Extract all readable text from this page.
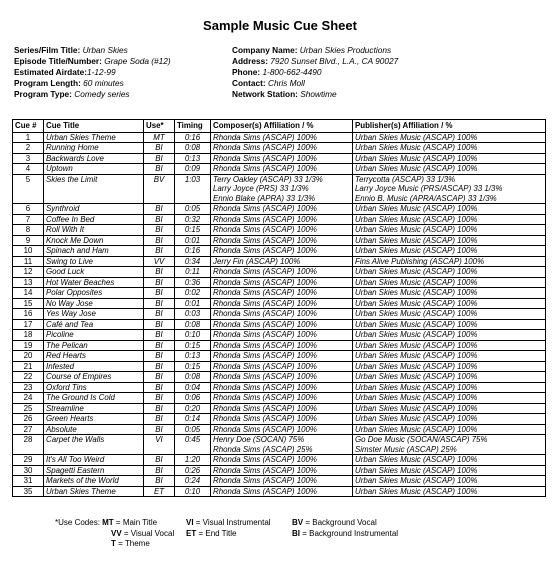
Sample Music Cue Sheet
Series/Film Title: Urban Skies
Episode Title/Number: Grape Soda (#12)
Estimated Airdate:1-12-99
Program Length: 60 minutes
Program Type: Comedy series
Company Name: Urban Skies Productions
Address: 7920 Sunset Blvd., L.A., CA 90027
Phone: 1-800-662-4490
Contact: Chris Moll
Network Station: Showtime
Cue #	Cue Title	Use*	Timing	Composer(s) Affiliation / %	Publisher(s) Affiliation / %
1	Urban Skies Theme	MT	0:16	Rhonda Sims (ASCAP) 100%	Urban Skies Music (ASCAP) 100%

2	Running Home	BI	0:08	Rhonda Sims (ASCAP) 100%	Urban Skies Music (ASCAP) 100%

3	Backwards Love	BI	0:13	Rhonda Sims (ASCAP) 100%	Urban Skies Music (ASCAP) 100%

4	Uptown	BI	0:09	Rhonda Sims (ASCAP) 100%	Urban Skies Music (ASCAP) 100%

5	Skies the Limit	BV	1:03	Terry Oakley (ASCAP) 33 1/3%
Larry Joyce (PRS) 33 1/3%
Ennio Blake (APRA) 33 1/3%	Terrycotta (ASCAP) 33 1/3%
Larry Joyce Music (PRS/ASCAP) 33 1/3%
Ennio B. Music (APRA/ASCAP) 33 1/3%

6	Synthroid	BI	0:05	Rhonda Sims (ASCAP) 100%	Urban Skies Music (ASCAP) 100%

7	Coffee In Bed	BI	0:32	Rhonda Sims (ASCAP) 100%	Urban Skies Music (ASCAP) 100%

8	Roll With It	BI	0:15	Rhonda Sims (ASCAP) 100%	Urban Skies Music (ASCAP) 100%

9	Knock Me Down	BI	0:01	Rhonda Sims (ASCAP) 100%	Urban Skies Music (ASCAP) 100%

10	Spinach and Ham	BI	0:16	Rhonda Sims (ASCAP) 100%	Urban Skies Music (ASCAP) 100%

11	Swing to Live	VV	0:34	Jerry Fin (ASCAP) 100%	Fins Alive Publishing (ASCAP) 100%

12	Good Luck	BI	0:11	Rhonda Sims (ASCAP) 100%	Urban Skies Music (ASCAP) 100%

13	Hot Water Beaches	BI	0:36	Rhonda Sims (ASCAP) 100%	Urban Skies Music (ASCAP) 100%

14	Polar Opposites	BI	0:02	Rhonda Sims (ASCAP) 100%	Urban Skies Music (ASCAP) 100%

15	No Way Jose	BI	0:01	Rhonda Sims (ASCAP) 100%	Urban Skies Music (ASCAP) 100%

16	Yes Way Jose	BI	0:03	Rhonda Sims (ASCAP) 100%	Urban Skies Music (ASCAP) 100%

17	Café and Tea	BI	0:08	Rhonda Sims (ASCAP) 100%	Urban Skies Music (ASCAP) 100%

18	Picoline	BI	0:10	Rhonda Sims (ASCAP) 100%	Urban Skies Music (ASCAP) 100%

19	The Pelican	BI	0:15	Rhonda Sims (ASCAP) 100%	Urban Skies Music (ASCAP) 100%

20	Red Hearts	BI	0:13	Rhonda Sims (ASCAP) 100%	Urban Skies Music (ASCAP) 100%

21	Infested	BI	0:15	Rhonda Sims (ASCAP) 100%	Urban Skies Music (ASCAP) 100%

22	Course of Empires	BI	0:08	Rhonda Sims (ASCAP) 100%	Urban Skies Music (ASCAP) 100%

23	Oxford Tins	BI	0:04	Rhonda Sims (ASCAP) 100%	Urban Skies Music (ASCAP) 100%

24	The Ground Is Cold	BI	0:06	Rhonda Sims (ASCAP) 100%	Urban Skies Music (ASCAP) 100%

25	Streamline	BI	0:20	Rhonda Sims (ASCAP) 100%	Urban Skies Music (ASCAP) 100%

26	Green Hearts	BI	0:14	Rhonda Sims (ASCAP) 100%	Urban Skies Music (ASCAP) 100%

27	Absolute	BI	0:05	Rhonda Sims (ASCAP) 100%	Urban Skies Music (ASCAP) 100%

28	Carpet the Walls	VI	0:45	Henry Doe (SOCAN) 75%
Rhonda Sims (ASCAP) 25%	Go Doe Music (SOCAN/ASCAP) 75%
Simster Music (ASCAP) 25%

29	It's All Too Weird	BI	1:20	Rhonda Sims (ASCAP) 100%	Urban Skies Music (ASCAP) 100%

30	Spagetti Eastern	BI	0:26	Rhonda Sims (ASCAP) 100%	Urban Skies Music (ASCAP) 100%

31	Markets of the World	BI	0:24	Rhonda Sims (ASCAP) 100%	Urban Skies Music (ASCAP) 100%

35	Urban Skies Theme	ET	0:10	Rhonda Sims (ASCAP) 100%	Urban Skies Music (ASCAP) 100%
*Use Codes: MT = Main Title	VI = Visual Instrumental	BV = Background Vocal
VV = Visual Vocal ET = End Title	BI = Background Instrumental
T = Theme
